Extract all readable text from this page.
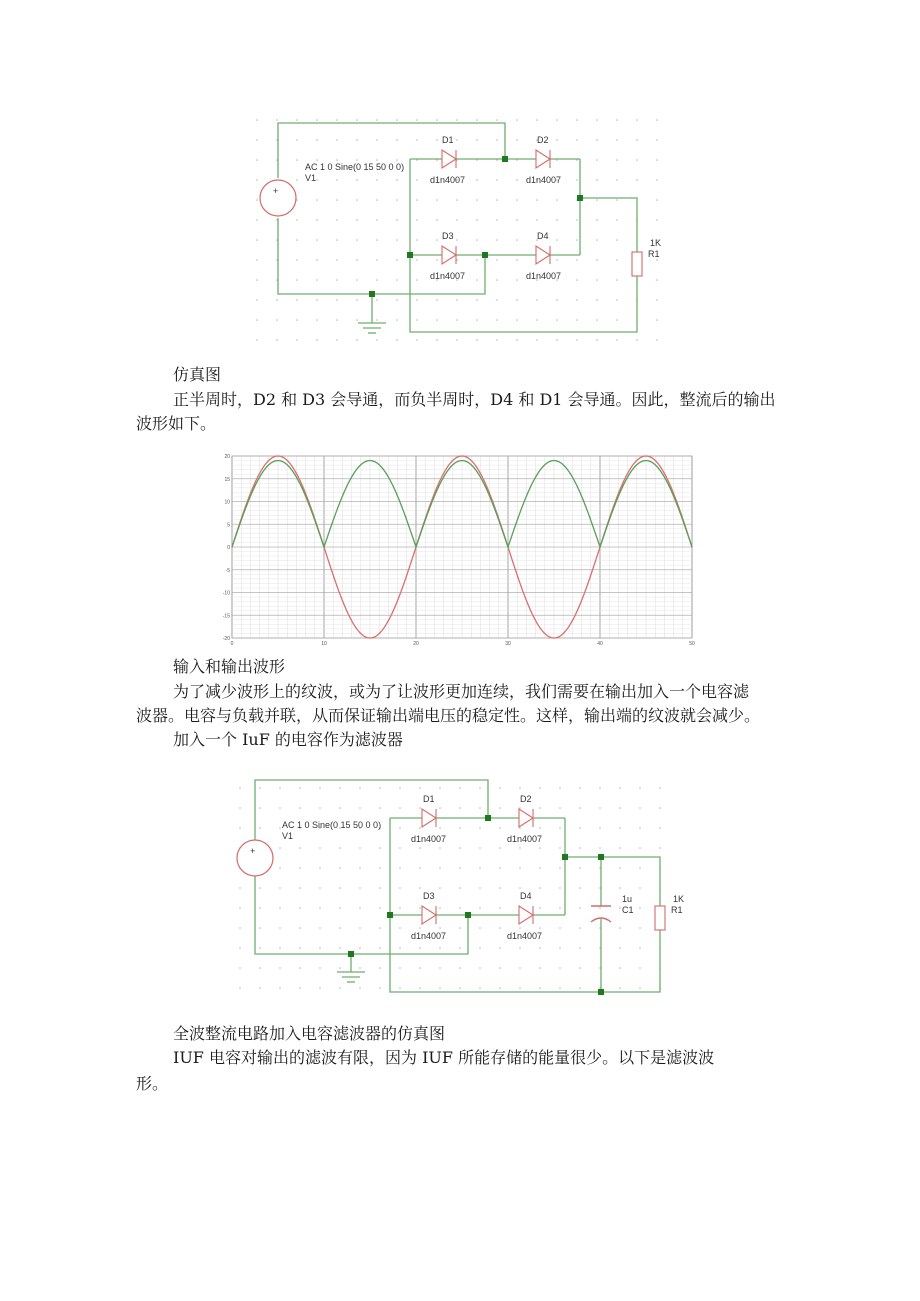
+
AC 1 0 Sine(0 15 50 0 0)
V1
D1
d1n4007
D2
d1n4007
D3
d1n4007
D4
d1n4007
1K
R1

仿真图

正半周时，D2 和 D3 会导通，而负半周时，D4 和 D1 会导通。因此，整流后的输出

波形如下。

0	10	20	30	40	50
20
15
10
5
0
-5
-10
-15
-20

输入和输出波形

为了减少波形上的纹波，或为了让波形更加连续，我们需要在输出加入一个电容滤

波器。电容与负载并联，从而保证输出端电压的稳定性。这样，输出端的纹波就会减少。

加入一个 IuF 的电容作为滤波器

+
AC 1 0 Sine(0 15 50 0 0)
V1
D1
d1n4007
D2
d1n4007
D3
d1n4007
D4
d1n4007
1u
C1
1K
R1

全波整流电路加入电容滤波器的仿真图

IUF 电容对输出的滤波有限，因为 IUF 所能存储的能量很少。以下是滤波波

形。
